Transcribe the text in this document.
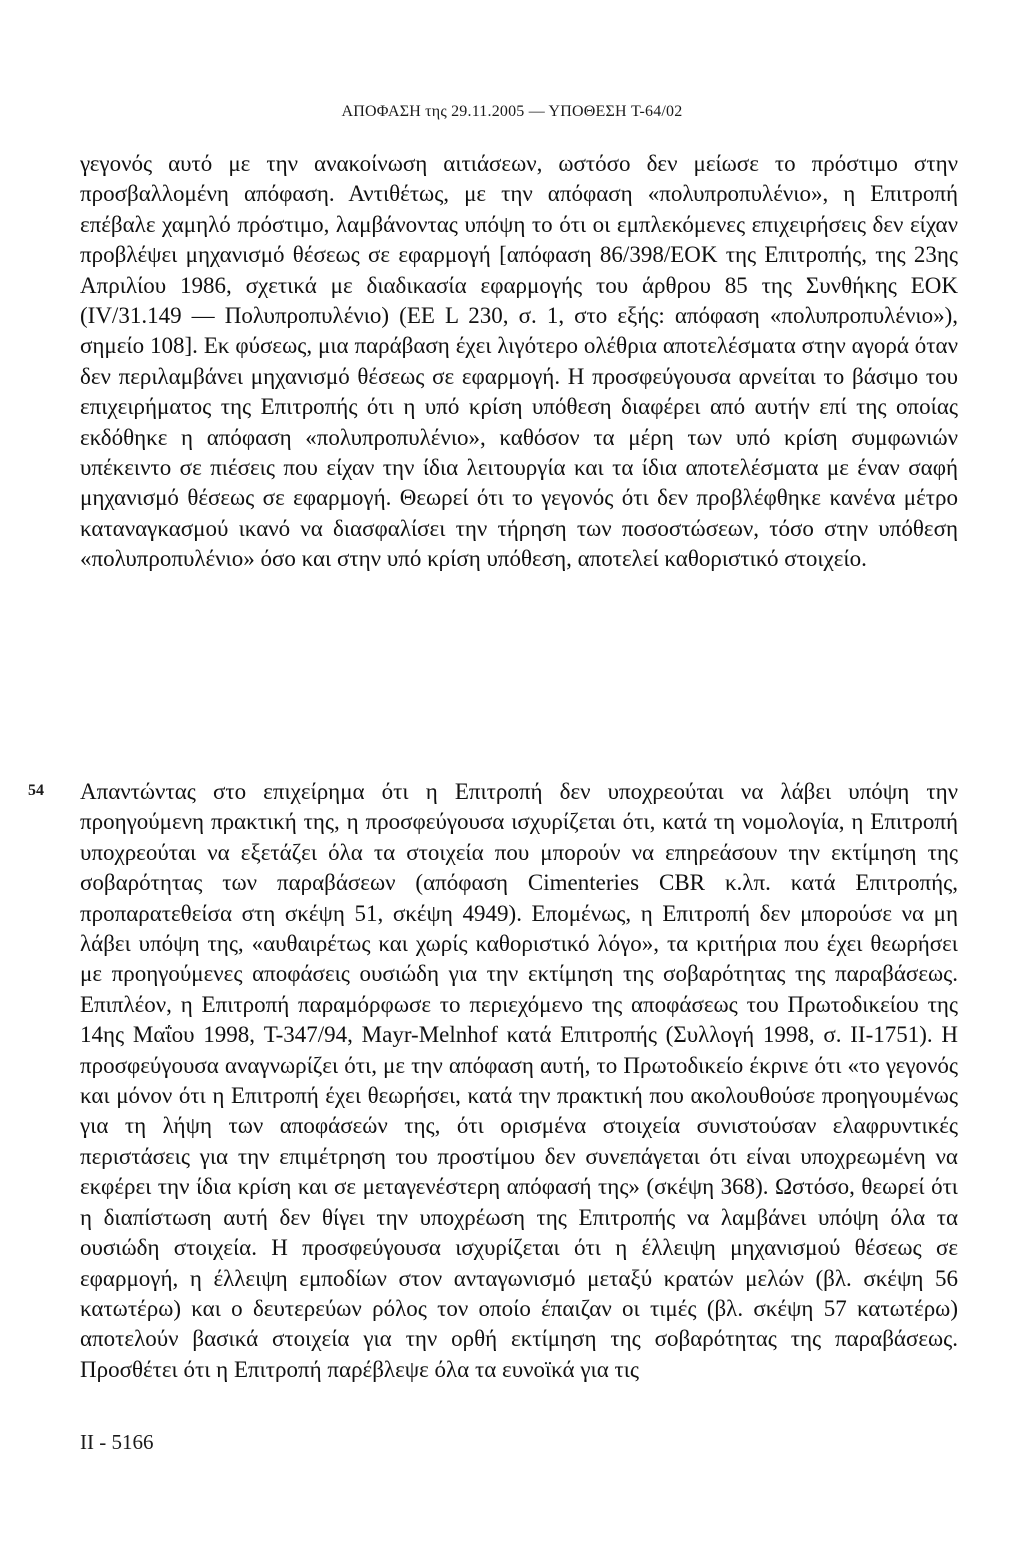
ΑΠΟΦΑΣΗ της 29.11.2005 — ΥΠΟΘΕΣΗ T-64/02

γεγονός αυτό με την ανακοίνωση αιτιάσεων, ωστόσο δεν μείωσε το πρόστιμο στην προσβαλλομένη απόφαση. Αντιθέτως, με την απόφαση «πολυπροπυλένιο», η Επιτροπή επέβαλε χαμηλό πρόστιμο, λαμβάνοντας υπόψη το ότι οι εμπλεκόμενες επιχειρήσεις δεν είχαν προβλέψει μηχανισμό θέσεως σε εφαρμογή [απόφαση 86/398/ΕΟΚ της Επιτροπής, της 23ης Απριλίου 1986, σχετικά με διαδικασία εφαρμογής του άρθρου 85 της Συνθήκης ΕΟΚ (IV/31.149 — Πολυπροπυλένιο) (ΕΕ L 230, σ. 1, στο εξής: απόφαση «πολυπροπυλένιο»), σημείο 108]. Εκ φύσεως, μια παράβαση έχει λιγότερο ολέθρια αποτελέσματα στην αγορά όταν δεν περιλαμβάνει μηχανισμό θέσεως σε εφαρμογή. Η προσφεύγουσα αρνείται το βάσιμο του επιχειρήματος της Επιτροπής ότι η υπό κρίση υπόθεση διαφέρει από αυτήν επί της οποίας εκδόθηκε η απόφαση «πολυπροπυλένιο», καθόσον τα μέρη των υπό κρίση συμφωνιών υπέκειντο σε πιέσεις που είχαν την ίδια λειτουργία και τα ίδια αποτελέσματα με έναν σαφή μηχανισμό θέσεως σε εφαρμογή. Θεωρεί ότι το γεγονός ότι δεν προβλέφθηκε κανένα μέτρο καταναγκασμού ικανό να διασφαλίσει την τήρηση των ποσοστώσεων, τόσο στην υπόθεση «πολυπροπυλένιο» όσο και στην υπό κρίση υπόθεση, αποτελεί καθοριστικό στοιχείο.

54 Απαντώντας στο επιχείρημα ότι η Επιτροπή δεν υποχρεούται να λάβει υπόψη την προηγούμενη πρακτική της, η προσφεύγουσα ισχυρίζεται ότι, κατά τη νομολογία, η Επιτροπή υποχρεούται να εξετάζει όλα τα στοιχεία που μπορούν να επηρεάσουν την εκτίμηση της σοβαρότητας των παραβάσεων (απόφαση Cimenteries CBR κ.λπ. κατά Επιτροπής, προπαρατεθείσα στη σκέψη 51, σκέψη 4949). Επομένως, η Επιτροπή δεν μπορούσε να μη λάβει υπόψη της, «αυθαιρέτως και χωρίς καθοριστικό λόγο», τα κριτήρια που έχει θεωρήσει με προηγούμενες αποφάσεις ουσιώδη για την εκτίμηση της σοβαρότητας της παραβάσεως. Επιπλέον, η Επιτροπή παραμόρφωσε το περιεχόμενο της αποφάσεως του Πρωτοδικείου της 14ης Μαΐου 1998, T-347/94, Mayr-Melnhof κατά Επιτροπής (Συλλογή 1998, σ. II-1751). Η προσφεύγουσα αναγνωρίζει ότι, με την απόφαση αυτή, το Πρωτοδικείο έκρινε ότι «το γεγονός και μόνον ότι η Επιτροπή έχει θεωρήσει, κατά την πρακτική που ακολουθούσε προηγουμένως για τη λήψη των αποφάσεών της, ότι ορισμένα στοιχεία συνιστούσαν ελαφρυντικές περιστάσεις για την επιμέτρηση του προστίμου δεν συνεπάγεται ότι είναι υποχρεωμένη να εκφέρει την ίδια κρίση και σε μεταγενέστερη απόφασή της» (σκέψη 368). Ωστόσο, θεωρεί ότι η διαπίστωση αυτή δεν θίγει την υποχρέωση της Επιτροπής να λαμβάνει υπόψη όλα τα ουσιώδη στοιχεία. Η προσφεύγουσα ισχυρίζεται ότι η έλλειψη μηχανισμού θέσεως σε εφαρμογή, η έλλειψη εμποδίων στον ανταγωνισμό μεταξύ κρατών μελών (βλ. σκέψη 56 κατωτέρω) και ο δευτερεύων ρόλος τον οποίο έπαιζαν οι τιμές (βλ. σκέψη 57 κατωτέρω) αποτελούν βασικά στοιχεία για την ορθή εκτίμηση της σοβαρότητας της παραβάσεως. Προσθέτει ότι η Επιτροπή παρέβλεψε όλα τα ευνοϊκά για τις

II - 5166
